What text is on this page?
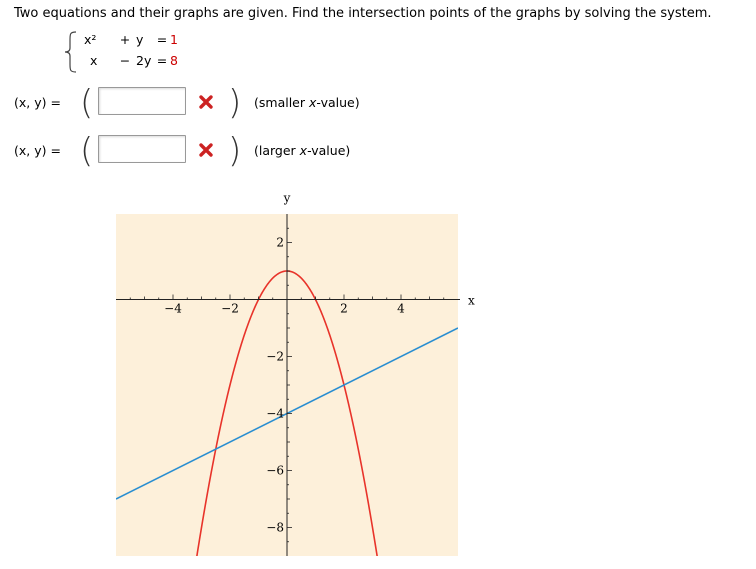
Two equations and their graphs are given. Find the intersection points of the graphs by solving the system.
x² + y = 1
x − 2y = 8
(x, y) = (	) (smaller x-value)
(x, y) = (	) (larger x-value)
−4	−2	2	4
2
−2
−4
−6
−8
x
y
